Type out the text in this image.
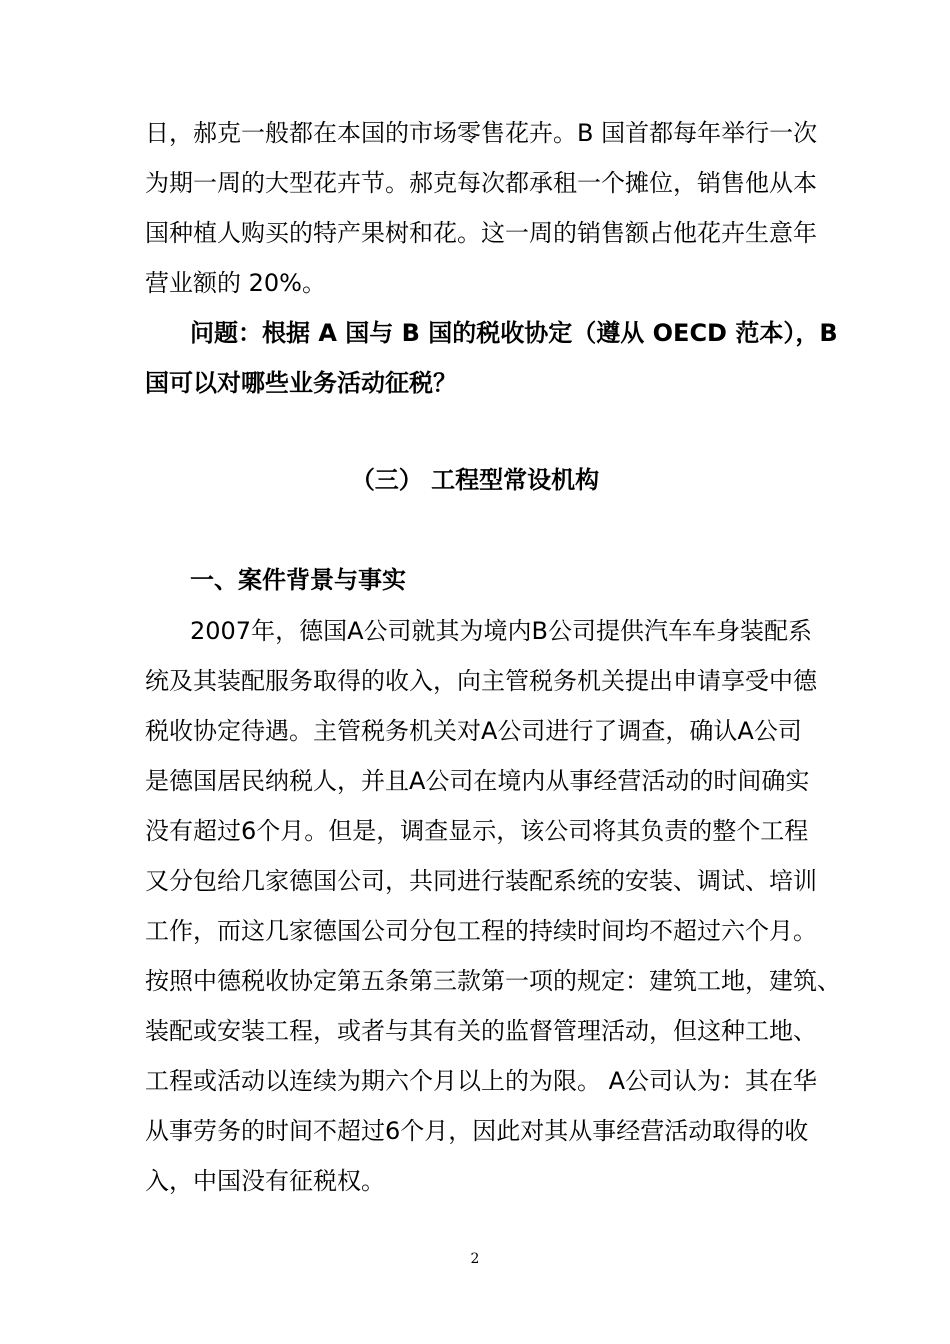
日，郝克一般都在本国的市场零售花卉。B 国首都每年举行一次
为期一周的大型花卉节。郝克每次都承租一个摊位，销售他从本
国种植人购买的特产果树和花。这一周的销售额占他花卉生意年
营业额的 20%。
问题：根据 A 国与 B 国的税收协定（遵从 OECD 范本），B
国可以对哪些业务活动征税？
（三） 工程型常设机构
一、案件背景与事实
2007年，德国A公司就其为境内B公司提供汽车车身装配系
统及其装配服务取得的收入，向主管税务机关提出申请享受中德
税收协定待遇。主管税务机关对A公司进行了调查，确认A公司
是德国居民纳税人，并且A公司在境内从事经营活动的时间确实
没有超过6个月。但是，调查显示，该公司将其负责的整个工程
又分包给几家德国公司，共同进行装配系统的安装、调试、培训
工作，而这几家德国公司分包工程的持续时间均不超过六个月。
按照中德税收协定第五条第三款第一项的规定：建筑工地，建筑、
装配或安装工程，或者与其有关的监督管理活动，但这种工地、
工程或活动以连续为期六个月以上的为限。 A公司认为：其在华
从事劳务的时间不超过6个月，因此对其从事经营活动取得的收
入，中国没有征税权。
2
